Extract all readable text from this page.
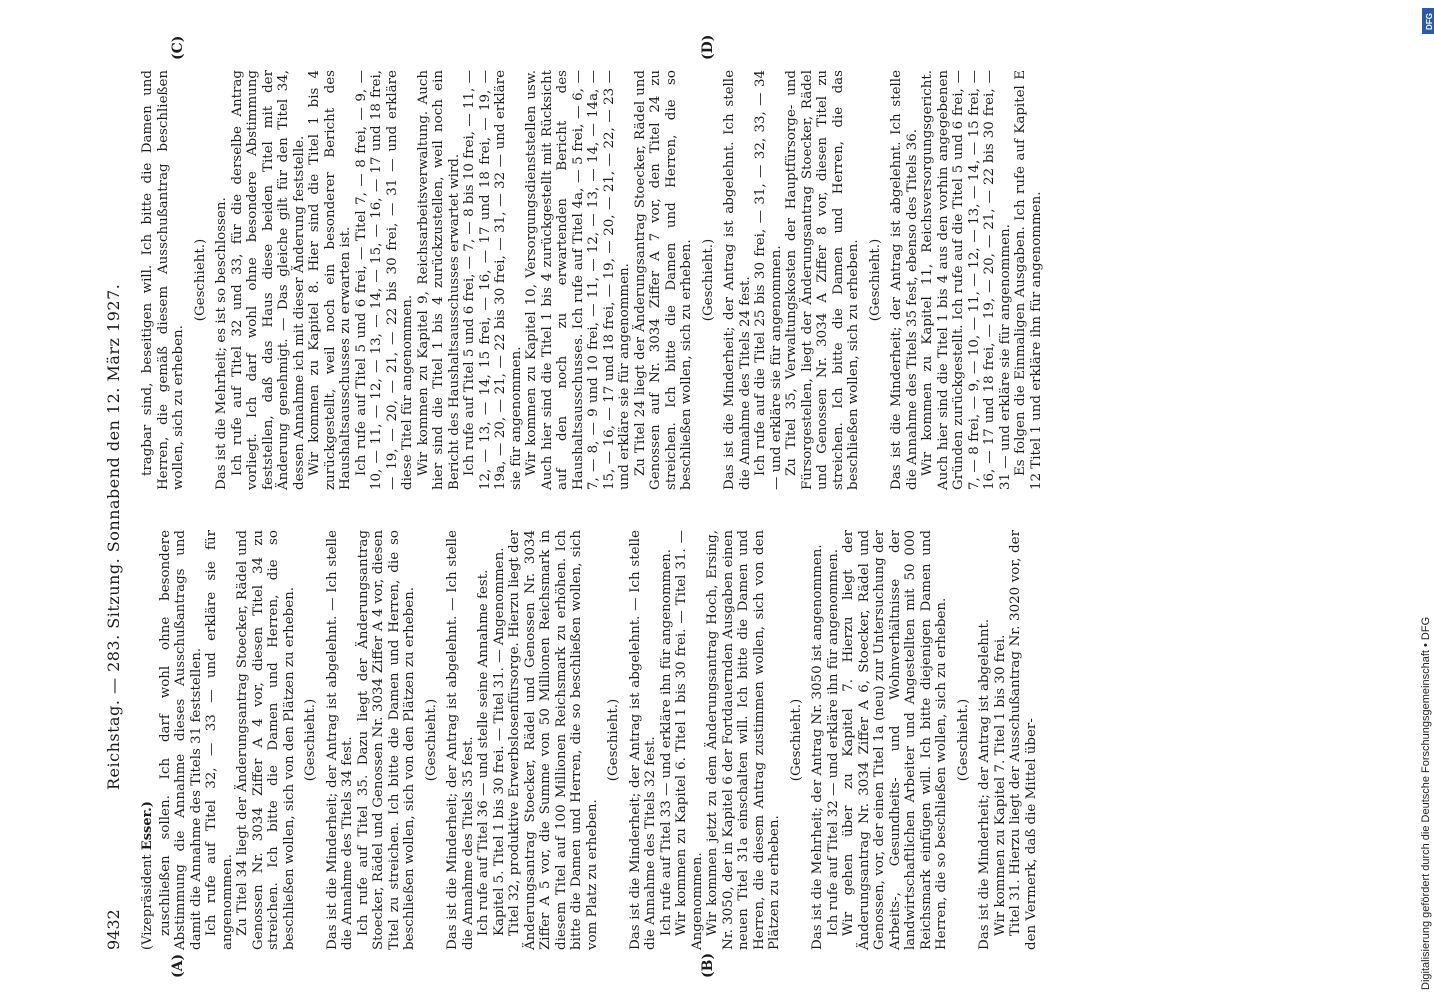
DFG
Digitalisierung gefördert durch die Deutsche Forschungsgemeinschaft • DFG
9432
Reichstag. — 283. Sitzung. Sonnabend den 12. März 1927.
(A)	(B)
(C)	(D)
(Vizepräsident Esser.) zuschließen sollen. Ich darf wohl ohne besondere Abstimmung die Annahme dieses Ausschußantrags und damit die Annahme des Titels 31 feststellen. Ich rufe auf Titel 32, — 33 — und erkläre sie für angenommen. Zu Titel 34 liegt der Änderungsantrag Stoecker, Rädel und Genossen Nr. 3034 Ziffer A 4 vor, diesen Titel 34 zu streichen. Ich bitte die Damen und Herren, die so beschließen wollen, sich von den Plätzen zu erheben. (Geschieht.) Das ist die Minderheit; der Antrag ist abgelehnt. — Ich stelle die Annahme des Titels 34 fest. Ich rufe auf Titel 35. Dazu liegt der Änderungsantrag Stoecker, Rädel und Genossen Nr. 3034 Ziffer A 4 vor, diesen Titel zu streichen. Ich bitte die Damen und Herren, die so beschließen wollen, sich von den Plätzen zu erheben. (Geschieht.) Das ist die Minderheit; der Antrag ist abgelehnt. — Ich stelle die Annahme des Titels 35 fest. Ich rufe auf Titel 36 — und stelle seine Annahme fest. Kapitel 5. Titel 1 bis 30 frei. — Titel 31. — Angenommen. Titel 32, produktive Erwerbslosenfürsorge. Hierzu liegt der Änderungsantrag Stoecker, Rädel und Genossen Nr. 3034 Ziffer A 5 vor, die Summe von 50 Millionen Reichsmark in diesem Titel auf 100 Millionen Reichsmark zu erhöhen. Ich bitte die Damen und Herren, die so beschließen wollen, sich vom Platz zu erheben.

(Geschieht.) Das ist die Minderheit; der Antrag ist abgelehnt. — Ich stelle die Annahme des Titels 32 fest. Ich rufe auf Titel 33 — und erkläre ihn für angenommen. Wir kommen zu Kapitel 6. Titel 1 bis 30 frei. — Titel 31. — Angenommen. Wir kommen jetzt zu dem Änderungsantrag Hoch, Ersing, Nr. 3050, der in Kapitel 6 der Fortdauernden Ausgaben einen neuen Titel 31a einschalten will. Ich bitte die Damen und Herren, die diesem Antrag zustimmen wollen, sich von den Plätzen zu erheben.

(Geschieht.) Das ist die Mehrheit; der Antrag Nr. 3050 ist angenommen. Ich rufe auf Titel 32 — und erkläre ihn für angenommen. Wir gehen über zu Kapitel 7. Hierzu liegt der Änderungsantrag Nr. 3034 Ziffer A 6, Stoecker, Rädel und Genossen, vor, der einen Titel 1a (neu) zur Untersuchung der Arbeits-, Gesundheits- und Wohnverhältnisse der landwirtschaftlichen Arbeiter und Angestellten mit 50 000 Reichsmark einfügen will. Ich bitte diejenigen Damen und Herren, die so beschließen wollen, sich zu erheben. (Geschieht.) Das ist die Minderheit; der Antrag ist abgelehnt. Wir kommen zu Kapitel 7. Titel 1 bis 30 frei. Titel 31. Hierzu liegt der Ausschußantrag Nr. 3020 vor, der den Vermerk, daß die Mittel über-

tragbar sind, beseitigen will. Ich bitte die Damen und Herren, die gemäß diesem Ausschußantrag beschließen wollen, sich zu erheben.

(Geschieht.) Das ist die Mehrheit; es ist so beschlossen. Ich rufe auf Titel 32 und 33, für die derselbe Antrag vorliegt. Ich darf wohl ohne besondere Abstimmung feststellen, daß das Haus diese beiden Titel mit der Änderung genehmigt. — Das gleiche gilt für den Titel 34, dessen Annahme ich mit dieser Änderung feststelle. Wir kommen zu Kapitel 8. Hier sind die Titel 1 bis 4 zurückgestellt, weil noch ein besonderer Bericht des Haushaltsausschusses zu erwarten ist. Ich rufe auf Titel 5 und 6 frei, — Titel 7, — 8 frei, — 9, — 10, — 11, — 12, — 13, — 14, — 15, — 16, — 17 und 18 frei, — 19, — 20, — 21, — 22 bis 30 frei, — 31 — und erkläre diese Titel für angenommen. Wir kommen zu Kapitel 9, Reichsarbeitsverwaltung. Auch hier sind die Titel 1 bis 4 zurückzustellen, weil noch ein Bericht des Haushaltsausschusses erwartet wird. Ich rufe auf Titel 5 und 6 frei, — 7, — 8 bis 10 frei, — 11, — 12, — 13, — 14, 15 frei, — 16, — 17 und 18 frei, — 19, — 19a, — 20, — 21, — 22 bis 30 frei, — 31, — 32 — und erkläre sie für angenommen. Wir kommen zu Kapitel 10, Versorgungsdienststellen usw. Auch hier sind die Titel 1 bis 4 zurückgestellt mit Rücksicht auf den noch zu erwartenden Bericht des Haushaltsausschusses. Ich rufe auf Titel 4a, — 5 frei, — 6, — 7, — 8, — 9 und 10 frei, — 11, — 12, — 13, — 14, — 14a, — 15, — 16, — 17 und 18 frei, — 19, — 20, — 21, — 22, — 23 — und erkläre sie für angenommen. Zu Titel 24 liegt der Änderungsantrag Stoecker, Rädel und Genossen auf Nr. 3034 Ziffer A 7 vor, den Titel 24 zu streichen. Ich bitte die Damen und Herren, die so beschließen wollen, sich zu erheben. (Geschieht.) Das ist die Minderheit; der Antrag ist abgelehnt. Ich stelle die Annahme des Titels 24 fest. Ich rufe auf die Titel 25 bis 30 frei, — 31, — 32, 33, — 34 — und erkläre sie für angenommen. Zu Titel 35, Verwaltungskosten der Hauptfürsorge- und Fürsorgestellen, liegt der Änderungsantrag Stoecker, Rädel und Genossen Nr. 3034 A Ziffer 8 vor, diesen Titel zu streichen. Ich bitte die Damen und Herren, die das beschließen wollen, sich zu erheben. (Geschieht.) Das ist die Minderheit; der Antrag ist abgelehnt. Ich stelle die Annahme des Titels 35 fest, ebenso des Titels 36. Wir kommen zu Kapitel 11, Reichsversorgungsgericht. Auch hier sind die Titel 1 bis 4 aus den vorhin angegebenen Gründen zurückgestellt. Ich rufe auf die Titel 5 und 6 frei, — 7, — 8 frei, — 9, — 10, — 11, — 12, — 13, — 14, — 15 frei, — 16, — 17 und 18 frei, — 19, — 20, — 21, — 22 bis 30 frei, — 31 — und erkläre sie für angenommen. Es folgen die Einmaligen Ausgaben. Ich rufe auf Kapitel E 12 Titel 1 und erkläre ihn für angenommen.
